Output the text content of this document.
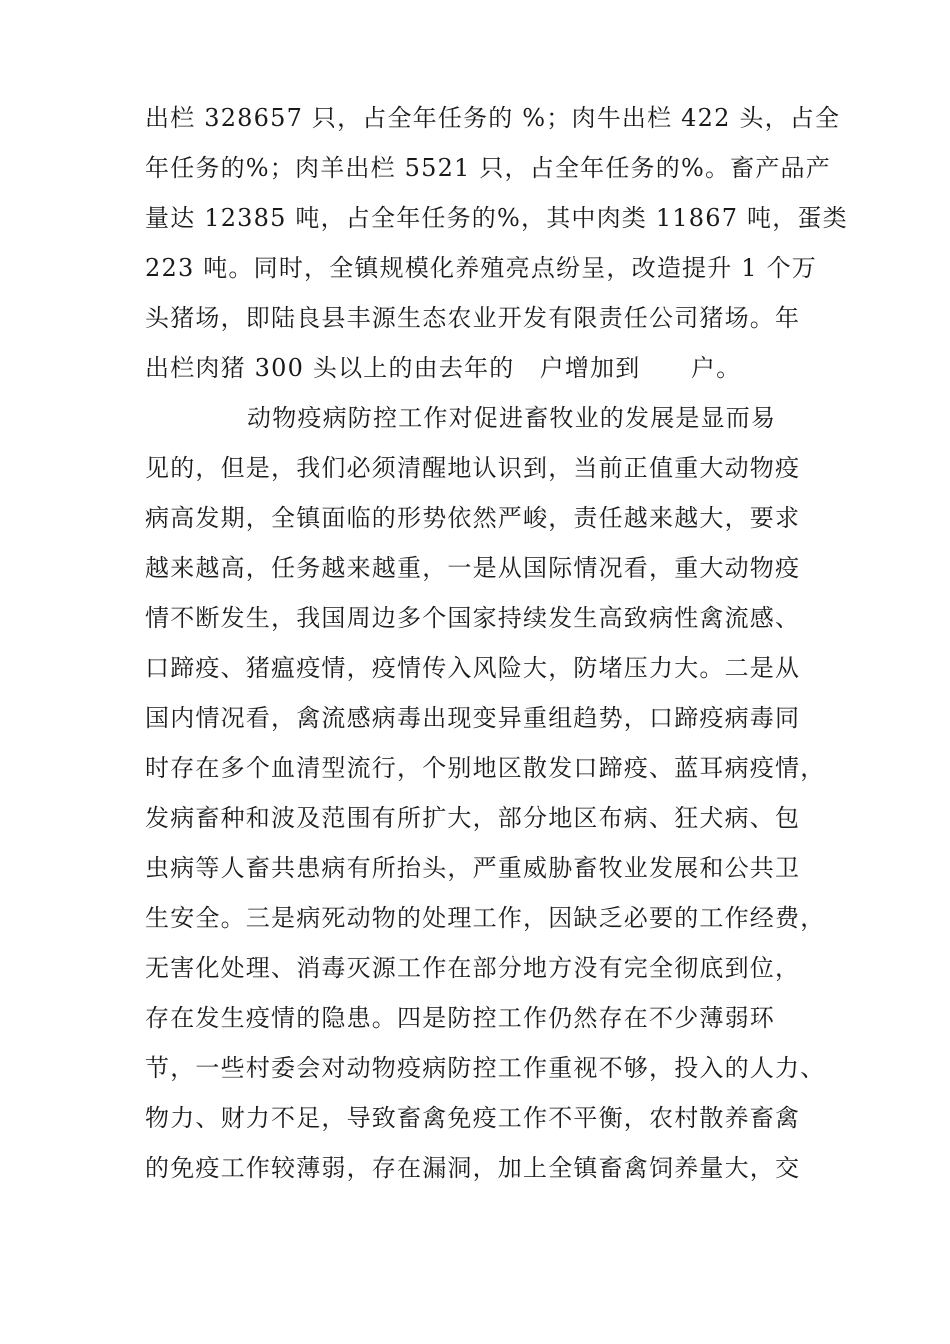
出栏 328657 只，占全年任务的 %；肉牛出栏 422 头，占全
年任务的%；肉羊出栏 5521 只，占全年任务的%。畜产品产
量达 12385 吨，占全年任务的%，其中肉类 11867 吨，蛋类
223 吨。同时，全镇规模化养殖亮点纷呈，改造提升 1 个万
头猪场，即陆良县丰源生态农业开发有限责任公司猪场。年
出栏肉猪 300 头以上的由去年的　户增加到　　户。
动物疫病防控工作对促进畜牧业的发展是显而易
见的，但是，我们必须清醒地认识到，当前正值重大动物疫
病高发期，全镇面临的形势依然严峻，责任越来越大，要求
越来越高，任务越来越重，一是从国际情况看，重大动物疫
情不断发生，我国周边多个国家持续发生高致病性禽流感、
口蹄疫、猪瘟疫情，疫情传入风险大，防堵压力大。二是从
国内情况看，禽流感病毒出现变异重组趋势，口蹄疫病毒同
时存在多个血清型流行，个别地区散发口蹄疫、蓝耳病疫情，
发病畜种和波及范围有所扩大，部分地区布病、狂犬病、包
虫病等人畜共患病有所抬头，严重威胁畜牧业发展和公共卫
生安全。三是病死动物的处理工作，因缺乏必要的工作经费，
无害化处理、消毒灭源工作在部分地方没有完全彻底到位，
存在发生疫情的隐患。四是防控工作仍然存在不少薄弱环
节，一些村委会对动物疫病防控工作重视不够，投入的人力、
物力、财力不足，导致畜禽免疫工作不平衡，农村散养畜禽
的免疫工作较薄弱，存在漏洞，加上全镇畜禽饲养量大，交
